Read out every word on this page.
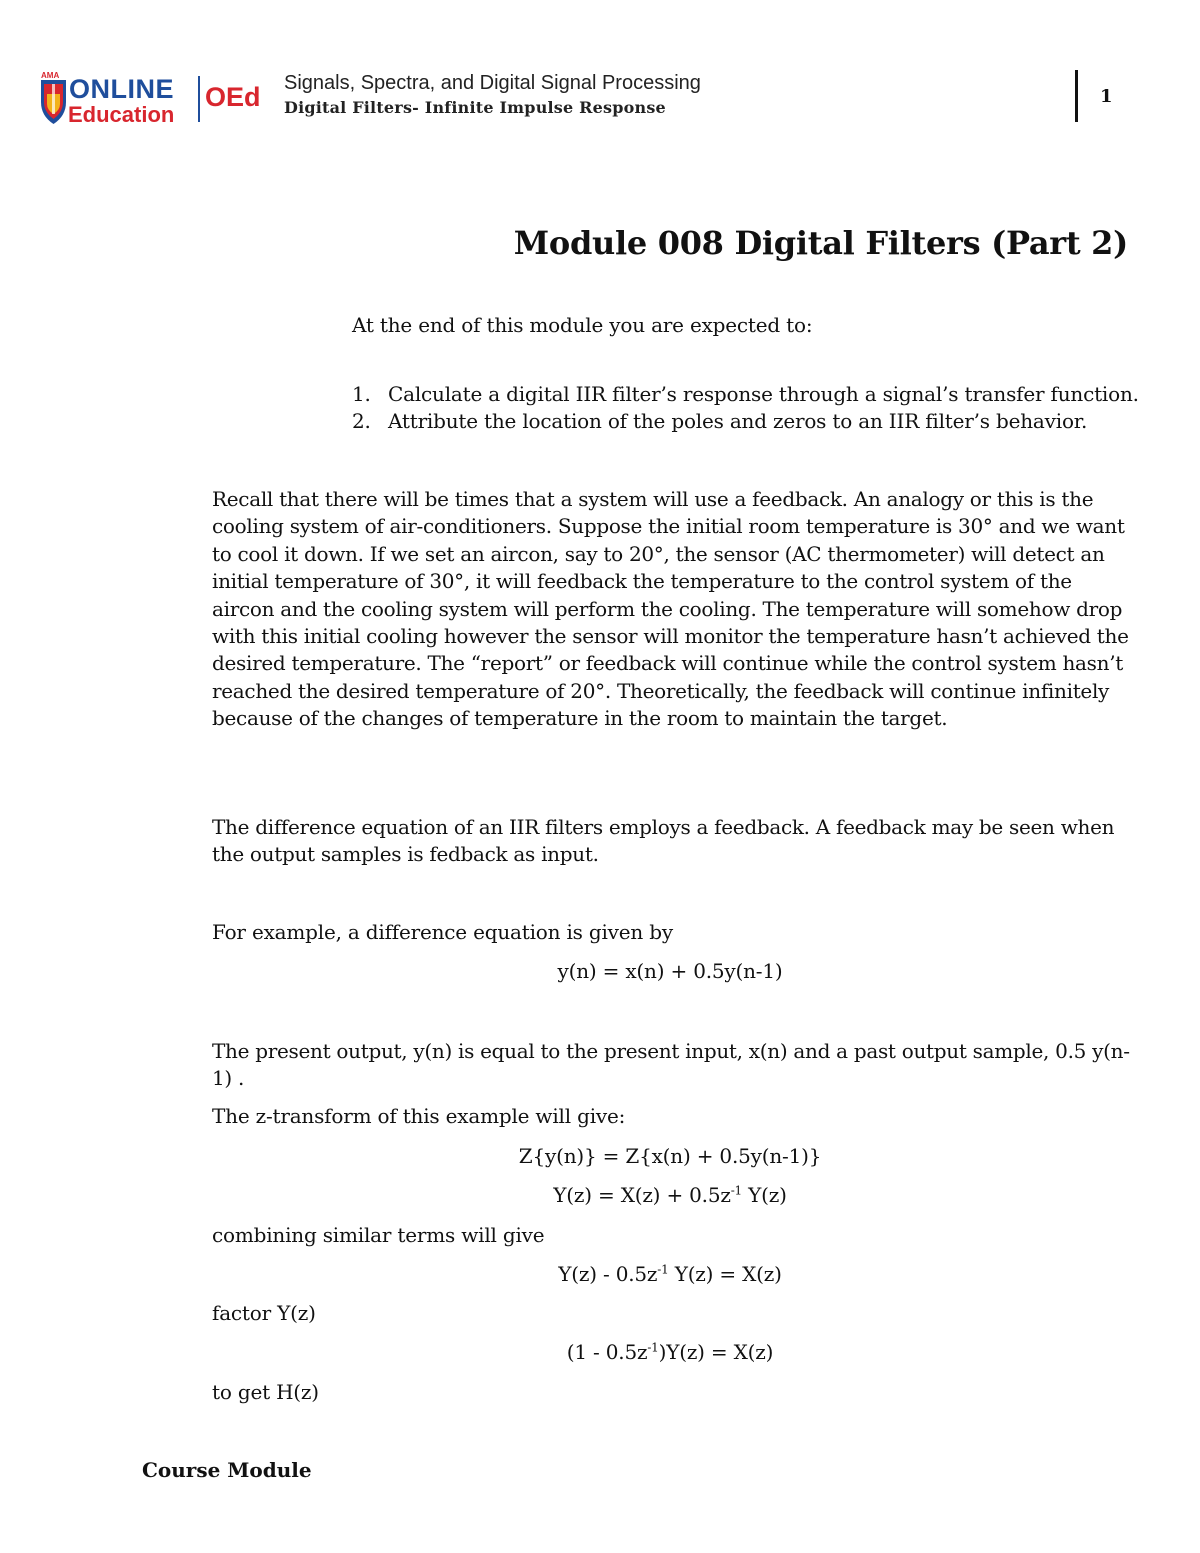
AMA ONLINE
Education
OEd Signals, Spectra, and Digital Signal Processing
Digital Filters- Infinite Impulse Response
1
Module 008 Digital Filters (Part 2)
At the end of this module you are expected to:
1. Calculate a digital IIR filter’s response through a signal’s transfer function.
2. Attribute the location of the poles and zeros to an IIR filter’s behavior.

Recall that there will be times that a system will use a feedback. An analogy or this is the cooling system of air-conditioners. Suppose the initial room temperature is 30° and we want to cool it down. If we set an aircon, say to 20°, the sensor (AC thermometer) will detect an initial temperature of 30°, it will feedback the temperature to the control system of the aircon and the cooling system will perform the cooling. The temperature will somehow drop with this initial cooling however the sensor will monitor the temperature hasn’t achieved the desired temperature. The “report” or feedback will continue while the control system hasn’t reached the desired temperature of 20°. Theoretically, the feedback will continue infinitely because of the changes of temperature in the room to maintain the target.

The difference equation of an IIR filters employs a feedback. A feedback may be seen when the output samples is fedback as input.

For example, a difference equation is given by
y(n) = x(n) + 0.5y(n-1)

The present output, y(n) is equal to the present input, x(n) and a past output sample, 0.5 y(n-1) .

The z-transform of this example will give:
Z{y(n)} = Z{x(n) + 0.5y(n-1)}
$Y(z) = X(z) + 0.5z^{-1}$ Y(z)
combining similar terms will give
$Y(z) - 0.5z^{-1}$ Y(z) = X(z)
factor Y(z)
$(1 - 0.5z^{-1})Y(z) = X(z)$
to get H(z)
Course Module
